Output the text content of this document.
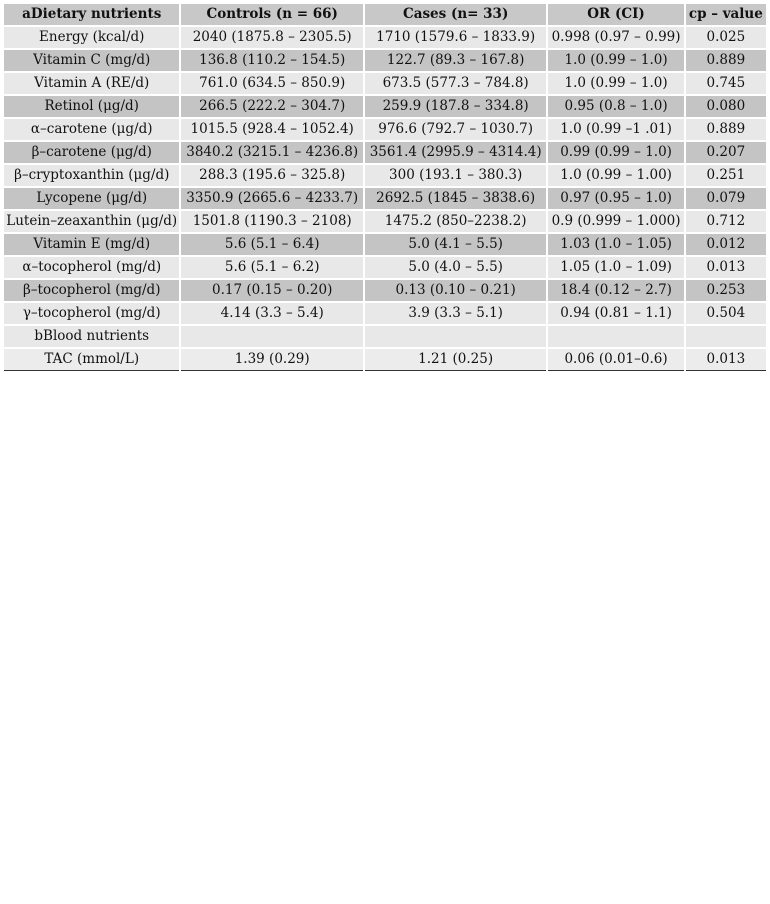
aDietary nutrients	Controls (n = 66)	Cases (n= 33)	OR (CI)	cp – value
Energy (kcal/d)	2040 (1875.8 – 2305.5)	1710 (1579.6 – 1833.9)	0.998 (0.97 – 0.99)	0.025
Vitamin C (mg/d)	136.8 (110.2 – 154.5)	122.7 (89.3 – 167.8)	1.0 (0.99 – 1.0)	0.889
Vitamin A (RE/d)	761.0 (634.5 – 850.9)	673.5 (577.3 – 784.8)	1.0 (0.99 – 1.0)	0.745
Retinol (μg/d)	266.5 (222.2 – 304.7)	259.9 (187.8 – 334.8)	0.95 (0.8 – 1.0)	0.080
α–carotene (μg/d)	1015.5 (928.4 – 1052.4)	976.6 (792.7 – 1030.7)	1.0 (0.99 –1 .01)	0.889
β–carotene (μg/d)	3840.2 (3215.1 – 4236.8)	3561.4 (2995.9 – 4314.4)	0.99 (0.99 – 1.0)	0.207
β–cryptoxanthin (μg/d)	288.3 (195.6 – 325.8)	300 (193.1 – 380.3)	1.0 (0.99 – 1.00)	0.251
Lycopene (μg/d)	3350.9 (2665.6 – 4233.7)	2692.5 (1845 – 3838.6)	0.97 (0.95 – 1.0)	0.079
Lutein–zeaxanthin (μg/d)	1501.8 (1190.3 – 2108)	1475.2 (850–2238.2)	0.9 (0.999 – 1.000)	0.712
Vitamin E (mg/d)	5.6 (5.1 – 6.4)	5.0 (4.1 – 5.5)	1.03 (1.0 – 1.05)	0.012
α–tocopherol (mg/d)	5.6 (5.1 – 6.2)	5.0 (4.0 – 5.5)	1.05 (1.0 – 1.09)	0.013
β–tocopherol (mg/d)	0.17 (0.15 – 0.20)	0.13 (0.10 – 0.21)	18.4 (0.12 – 2.7)	0.253
γ–tocopherol (mg/d)	4.14 (3.3 – 5.4)	3.9 (3.3 – 5.1)	0.94 (0.81 – 1.1)	0.504
bBlood nutrients				
TAC (mmol/L)	1.39 (0.29)	1.21 (0.25)	0.06 (0.01–0.6)	0.013
